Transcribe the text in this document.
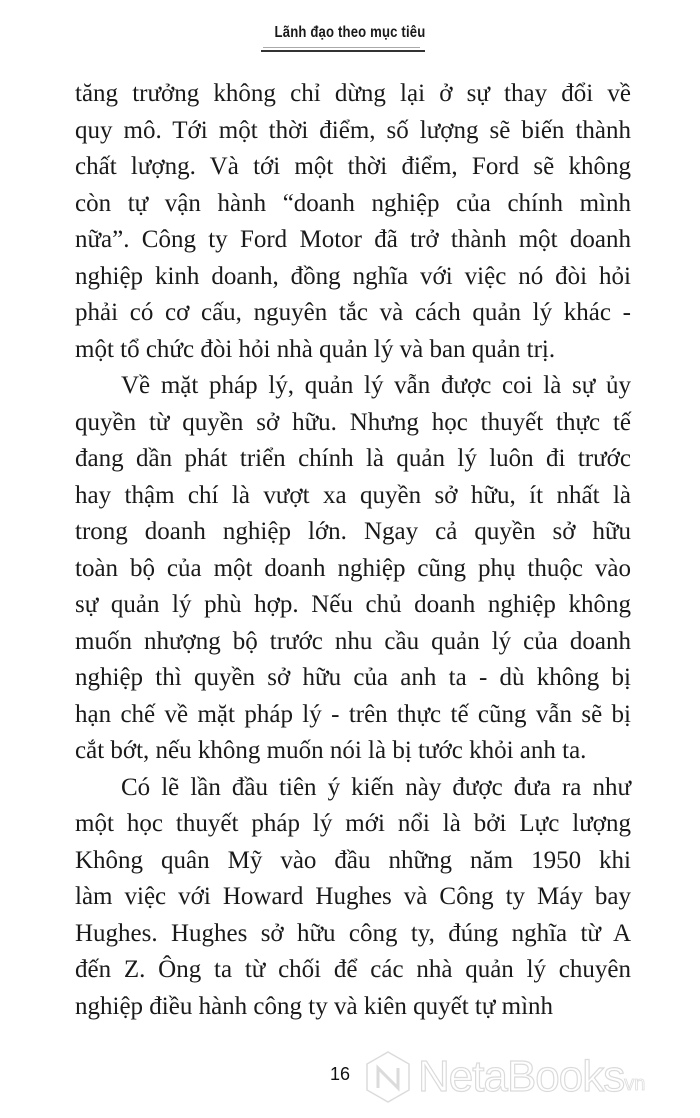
Lãnh đạo theo mục tiêu
tăng trưởng không chỉ dừng lại ở sự thay đổi về
quy mô. Tới một thời điểm, số lượng sẽ biến thành
chất lượng. Và tới một thời điểm, Ford sẽ không
còn tự vận hành “doanh nghiệp của chính mình
nữa”. Công ty Ford Motor đã trở thành một doanh
nghiệp kinh doanh, đồng nghĩa với việc nó đòi hỏi
phải có cơ cấu, nguyên tắc và cách quản lý khác -
một tổ chức đòi hỏi nhà quản lý và ban quản trị.
Về mặt pháp lý, quản lý vẫn được coi là sự ủy
quyền từ quyền sở hữu. Nhưng học thuyết thực tế
đang dần phát triển chính là quản lý luôn đi trước
hay thậm chí là vượt xa quyền sở hữu, ít nhất là
trong doanh nghiệp lớn. Ngay cả quyền sở hữu
toàn bộ của một doanh nghiệp cũng phụ thuộc vào
sự quản lý phù hợp. Nếu chủ doanh nghiệp không
muốn nhượng bộ trước nhu cầu quản lý của doanh
nghiệp thì quyền sở hữu của anh ta - dù không bị
hạn chế về mặt pháp lý - trên thực tế cũng vẫn sẽ bị
cắt bớt, nếu không muốn nói là bị tước khỏi anh ta.
Có lẽ lần đầu tiên ý kiến này được đưa ra như
một học thuyết pháp lý mới nổi là bởi Lực lượng
Không quân Mỹ vào đầu những năm 1950 khi
làm việc với Howard Hughes và Công ty Máy bay
Hughes. Hughes sở hữu công ty, đúng nghĩa từ A
đến Z. Ông ta từ chối để các nhà quản lý chuyên
nghiệp điều hành công ty và kiên quyết tự mình
16 NetaBooks vn
